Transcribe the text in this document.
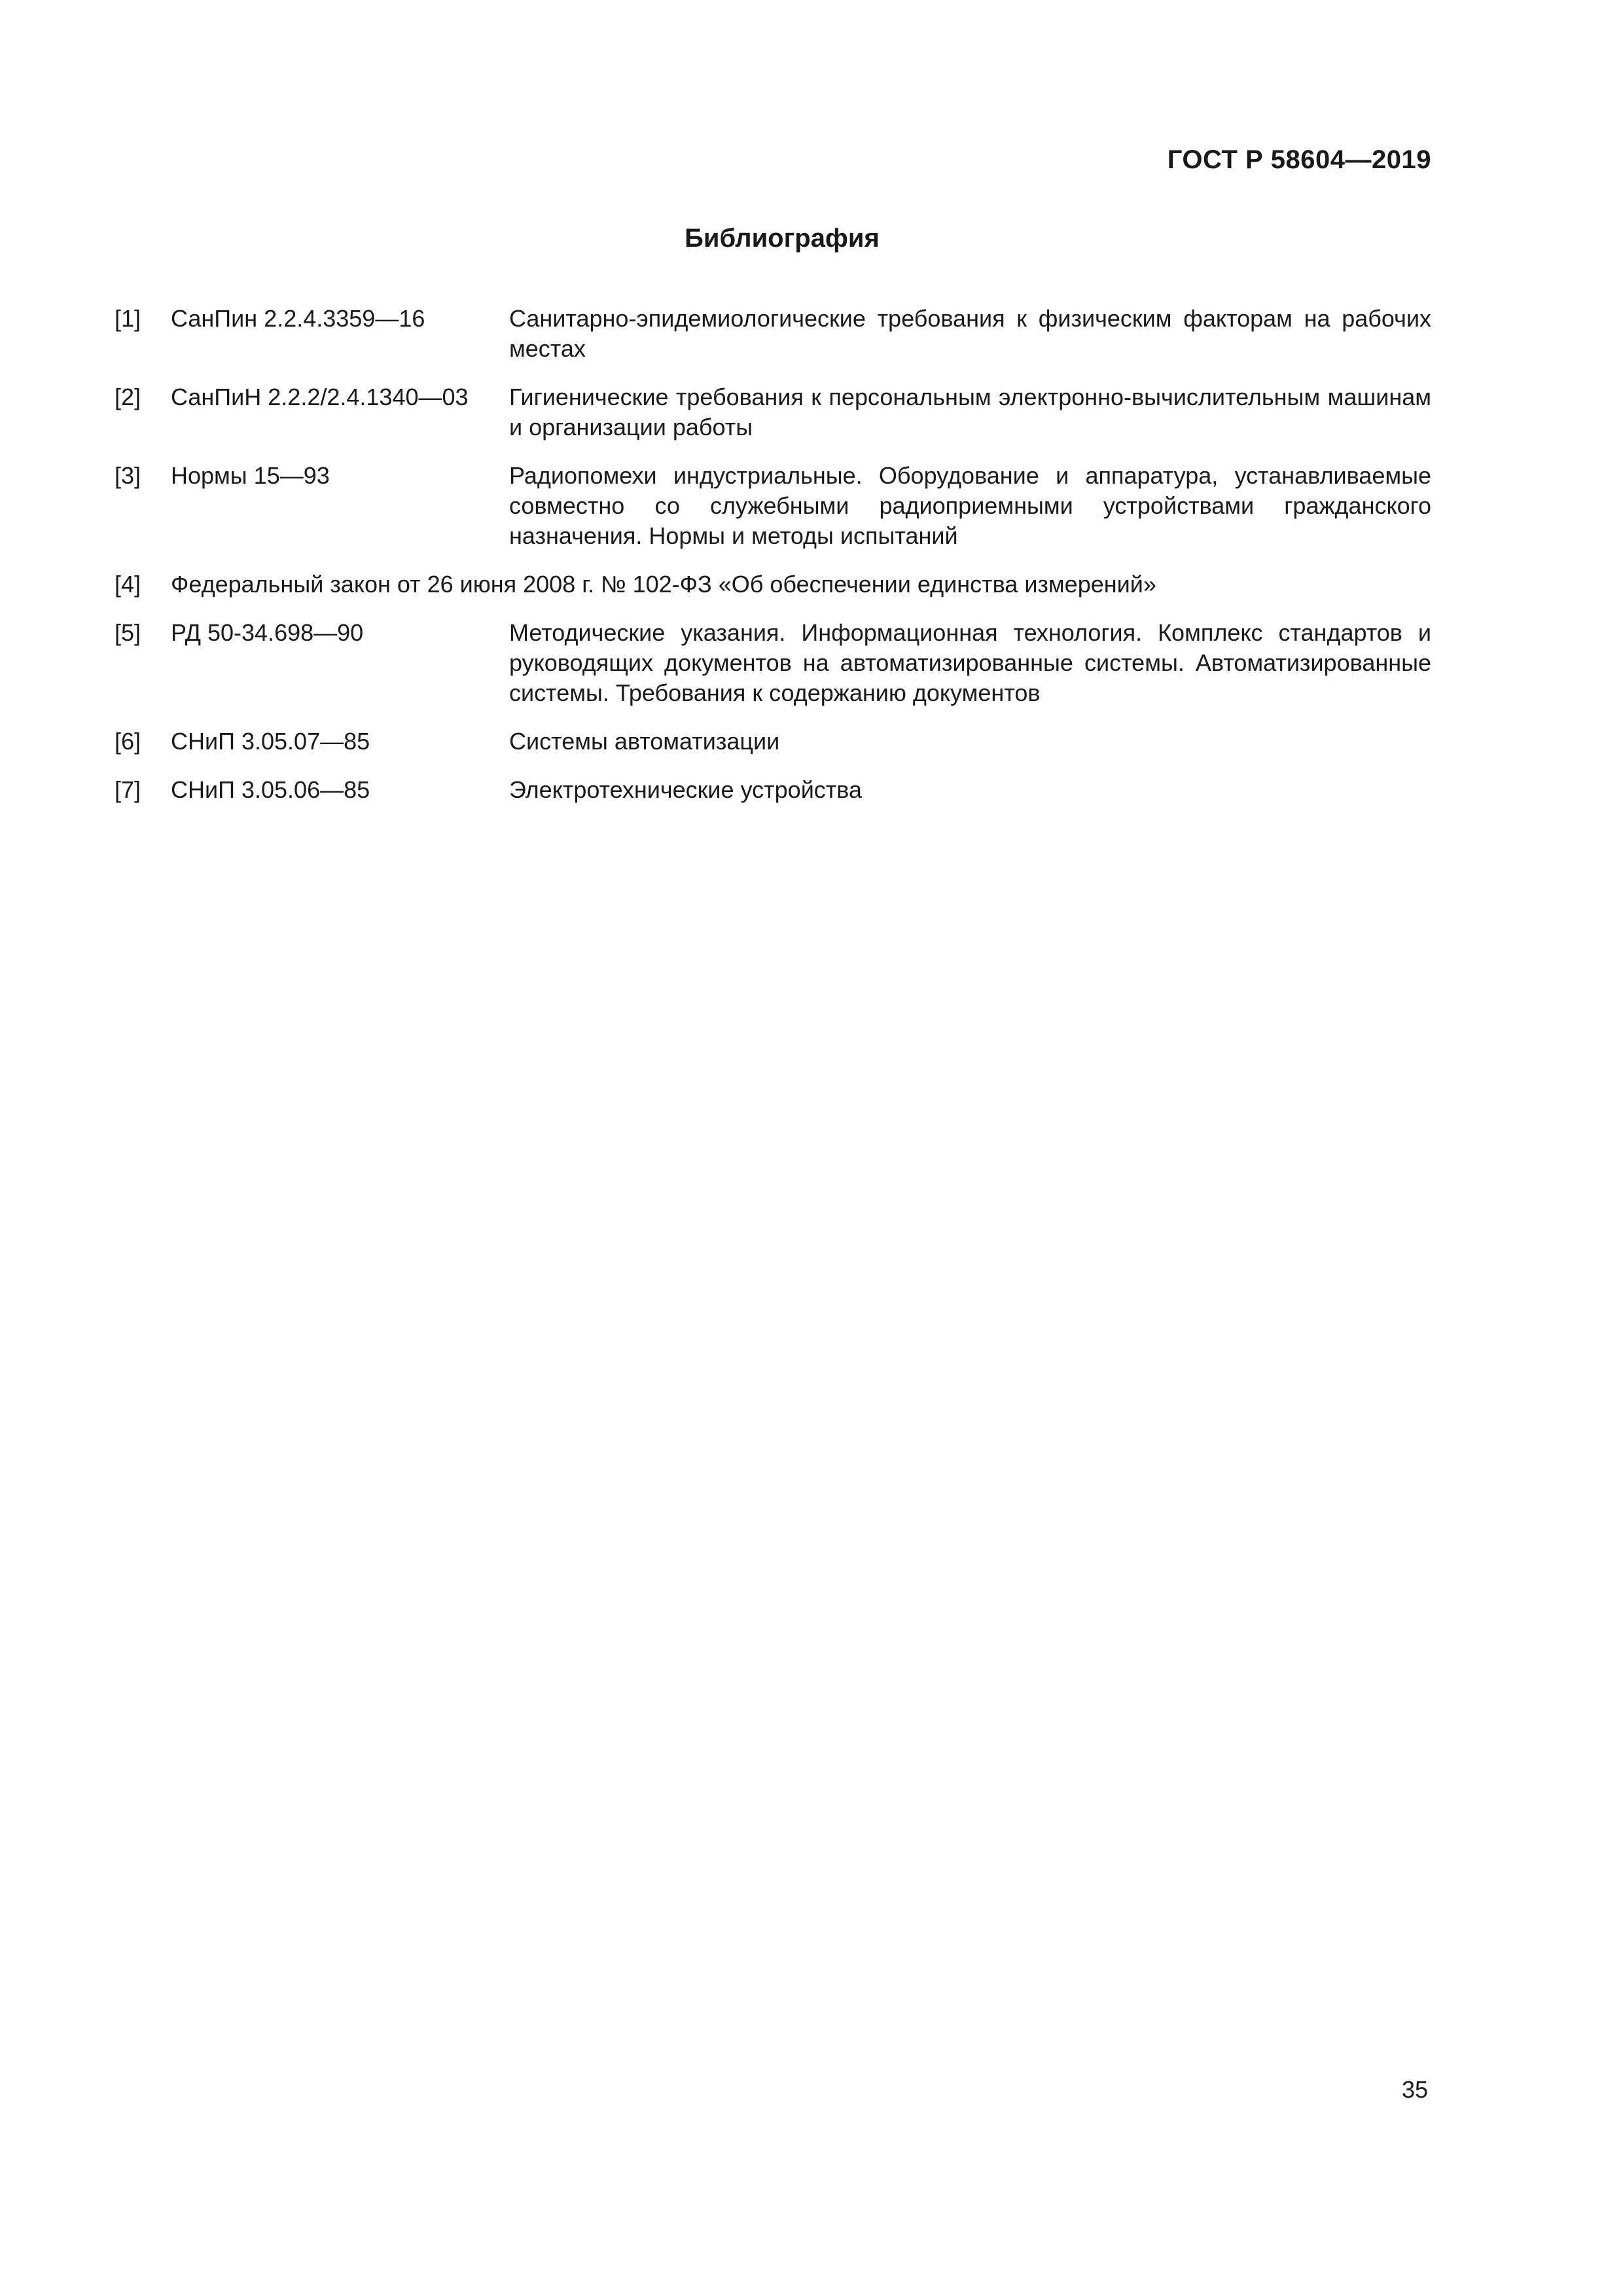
ГОСТ Р 58604—2019
Библиография
[1] СанПин 2.2.4.3359—16	Санитарно-эпидемиологические требования к физическим факторам на рабочих местах
[2] СанПиН 2.2.2/2.4.1340—03 Гигиенические требования к персональным электронно-вычислительным машинам и организации работы
[3] Нормы 15—93	Радиопомехи индустриальные. Оборудование и аппаратура, устанавливаемые совместно со служебными радиоприемными устройствами гражданского назначения. Нормы и методы испытаний
[4] Федеральный закон от 26 июня 2008 г. № 102-ФЗ «Об обеспечении единства измерений»
[5] РД 50-34.698—90	Методические указания. Информационная технология. Комплекс стандартов и руководящих документов на автоматизированные системы. Автоматизированные системы. Требования к содержанию документов
[6] СНиП 3.05.07—85	Системы автоматизации
[7] СНиП 3.05.06—85	Электротехнические устройства
35
